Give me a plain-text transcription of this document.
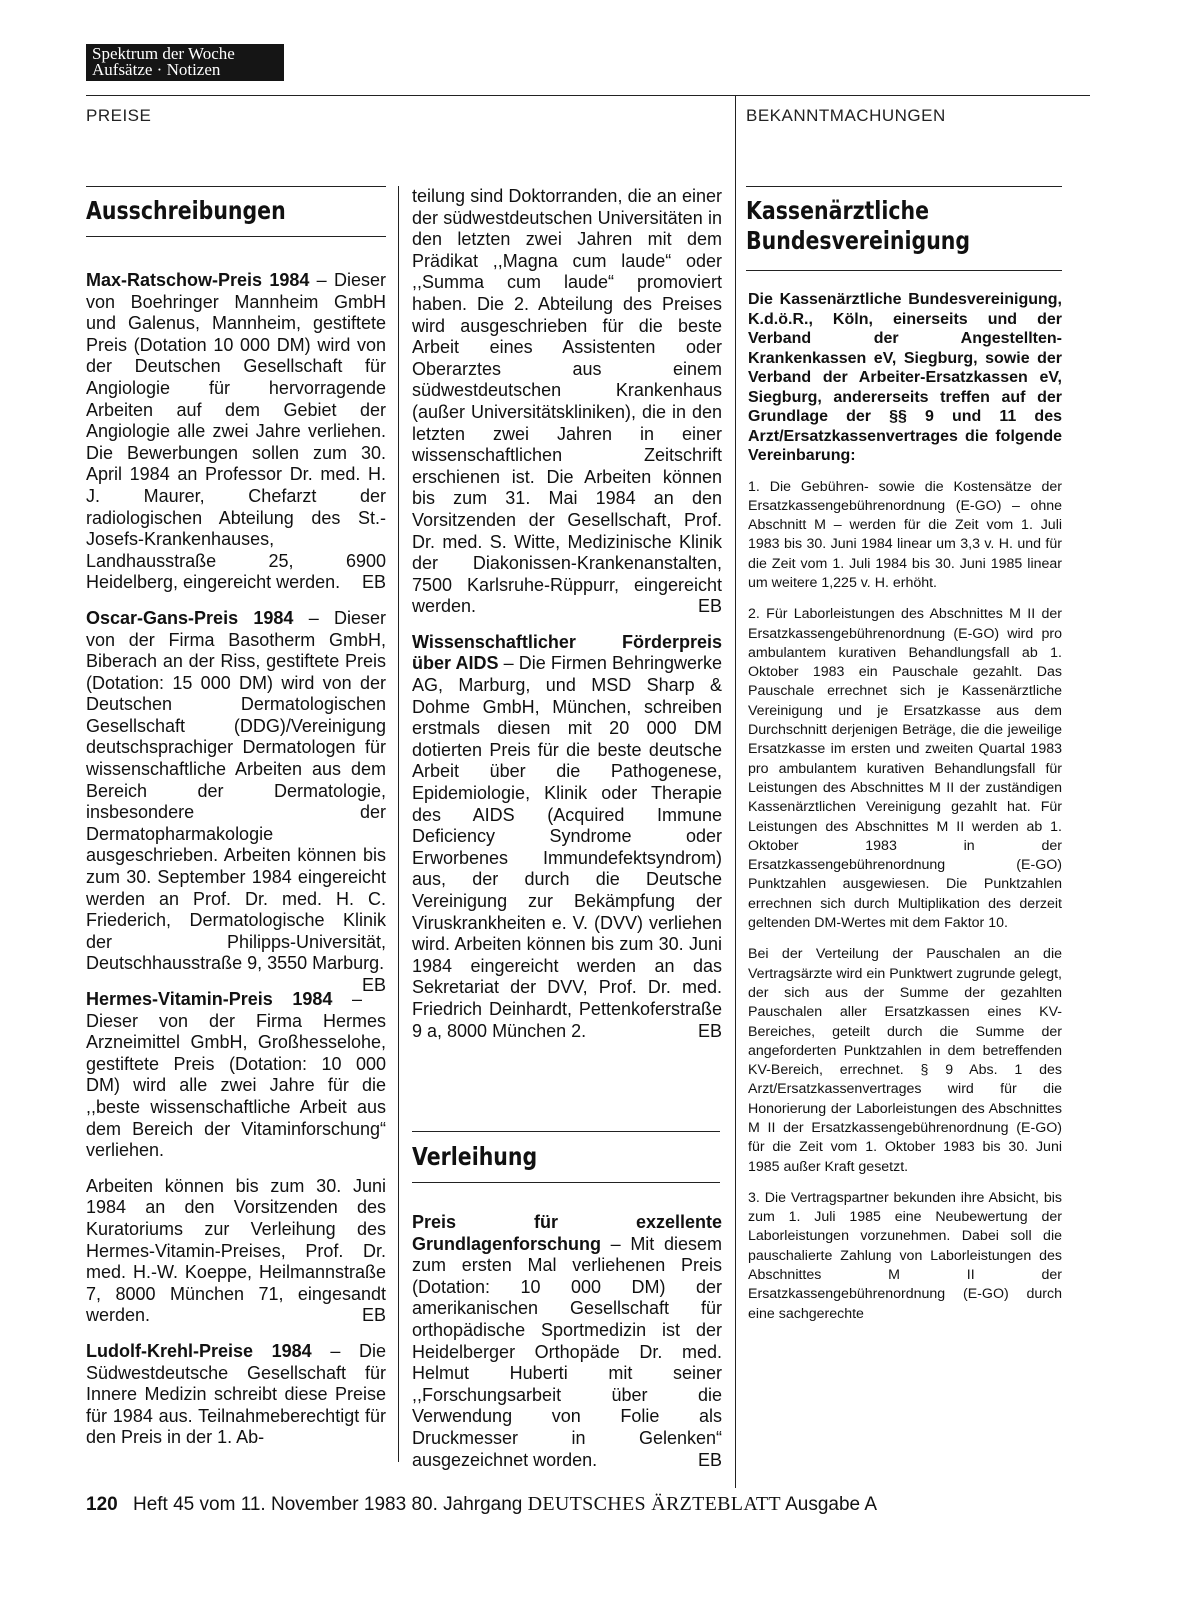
Spektrum der Woche
Aufsätze · Notizen
PREISE	BEKANNTMACHUNGEN
Ausschreibungen

Max-Ratschow-Preis 1984 – Dieser von Boehringer Mannheim GmbH und Galenus, Mannheim, gestiftete Preis (Dotation 10 000 DM) wird von der Deutschen Gesellschaft für Angiologie für hervorragende Arbeiten auf dem Gebiet der Angiologie alle zwei Jahre verliehen. Die Bewerbungen sollen zum 30. April 1984 an Professor Dr. med. H. J. Maurer, Chefarzt der radiologischen Abteilung des St.-Josefs-Krankenhauses, Landhausstraße 25, 6900 Heidelberg, eingereicht werden. EB

Oscar-Gans-Preis 1984 – Dieser von der Firma Basotherm GmbH, Biberach an der Riss, gestiftete Preis (Dotation: 15 000 DM) wird von der Deutschen Dermatologischen Gesellschaft (DDG)/Vereinigung deutschsprachiger Dermatologen für wissenschaftliche Arbeiten aus dem Bereich der Dermatologie, insbesondere der Dermatopharmakologie ausgeschrieben. Arbeiten können bis zum 30. September 1984 eingereicht werden an Prof. Dr. med. H. C. Friederich, Dermatologische Klinik der Philipps-Universität, Deutschhausstraße 9, 3550 Marburg.
EB

Hermes-Vitamin-Preis 1984 – Dieser von der Firma Hermes Arzneimittel GmbH, Großhesselohe, gestiftete Preis (Dotation: 10 000 DM) wird alle zwei Jahre für die ,,beste wissenschaftliche Arbeit aus dem Bereich der Vitaminforschung“ verliehen.

Arbeiten können bis zum 30. Juni 1984 an den Vorsitzenden des Kuratoriums zur Verleihung des Hermes-Vitamin-Preises, Prof. Dr. med. H.-W. Koeppe, Heilmannstraße 7, 8000 München 71, eingesandt werden.	EB

Ludolf-Krehl-Preise 1984 – Die Südwestdeutsche Gesellschaft für Innere Medizin schreibt diese Preise für 1984 aus. Teilnahmeberechtigt für den Preis in der 1. Ab-

teilung sind Doktorranden, die an einer der südwestdeutschen Universitäten in den letzten zwei Jahren mit dem Prädikat ,,Magna cum laude“ oder ,,Summa cum laude“ promoviert haben. Die 2. Abteilung des Preises wird ausgeschrieben für die beste Arbeit eines Assistenten oder Oberarztes aus einem südwestdeutschen Krankenhaus (außer Universitätskliniken), die in den letzten zwei Jahren in einer wissenschaftlichen Zeitschrift erschienen ist. Die Arbeiten können bis zum 31. Mai 1984 an den Vorsitzenden der Gesellschaft, Prof. Dr. med. S. Witte, Medizinische Klinik der Diakonissen-Krankenanstalten, 7500 Karlsruhe-Rüppurr, eingereicht werden.	EB

Wissenschaftlicher Förderpreis über AIDS – Die Firmen Behringwerke AG, Marburg, und MSD Sharp & Dohme GmbH, München, schreiben erstmals diesen mit 20 000 DM dotierten Preis für die beste deutsche Arbeit über die Pathogenese, Epidemiologie, Klinik oder Therapie des AIDS (Acquired Immune Deficiency Syndrome oder Erworbenes Immundefektsyndrom) aus, der durch die Deutsche Vereinigung zur Bekämpfung der Viruskrankheiten e. V. (DVV) verliehen wird. Arbeiten können bis zum 30. Juni 1984 eingereicht werden an das Sekretariat der DVV, Prof. Dr. med. Friedrich Deinhardt, Pettenkoferstraße 9 a, 8000 München 2.	EB

Verleihung

Preis für exzellente Grundlagenforschung – Mit diesem zum ersten Mal verliehenen Preis (Dotation: 10 000 DM) der amerikanischen Gesellschaft für orthopädische Sportmedizin ist der Heidelberger Orthopäde Dr. med. Helmut Huberti mit seiner ,,Forschungsarbeit über die Verwendung von Folie als Druckmesser in Gelenken“ ausgezeichnet worden.	EB

Kassenärztliche
Bundesvereinigung

Die Kassenärztliche Bundesvereinigung, K.d.ö.R., Köln, einerseits und der Verband der Angestellten-Krankenkassen eV, Siegburg, sowie der Verband der Arbeiter-Ersatzkassen eV, Siegburg, andererseits treffen auf der Grundlage der §§ 9 und 11 des Arzt/Ersatzkassenvertrages die folgende Vereinbarung:

1. Die Gebühren- sowie die Kostensätze der Ersatzkassengebührenordnung (E-GO) – ohne Abschnitt M – werden für die Zeit vom 1. Juli 1983 bis 30. Juni 1984 linear um 3,3 v. H. und für die Zeit vom 1. Juli 1984 bis 30. Juni 1985 linear um weitere 1,225 v. H. erhöht.

2. Für Laborleistungen des Abschnittes M II der Ersatzkassengebührenordnung (E-GO) wird pro ambulantem kurativen Behandlungsfall ab 1. Oktober 1983 ein Pauschale gezahlt. Das Pauschale errechnet sich je Kassenärztliche Vereinigung und je Ersatzkasse aus dem Durchschnitt derjenigen Beträge, die die jeweilige Ersatzkasse im ersten und zweiten Quartal 1983 pro ambulantem kurativen Behandlungsfall für Leistungen des Abschnittes M II der zuständigen Kassenärztlichen Vereinigung gezahlt hat. Für Leistungen des Abschnittes M II werden ab 1. Oktober 1983 in der Ersatzkassengebührenordnung (E-GO) Punktzahlen ausgewiesen. Die Punktzahlen errechnen sich durch Multiplikation des derzeit geltenden DM-Wertes mit dem Faktor 10.

Bei der Verteilung der Pauschalen an die Vertragsärzte wird ein Punktwert zugrunde gelegt, der sich aus der Summe der gezahlten Pauschalen aller Ersatzkassen eines KV-Bereiches, geteilt durch die Summe der angeforderten Punktzahlen in dem betreffenden KV-Bereich, errechnet. § 9 Abs. 1 des Arzt/Ersatzkassenvertrages wird für die Honorierung der Laborleistungen des Abschnittes M II der Ersatzkassengebührenordnung (E-GO) für die Zeit vom 1. Oktober 1983 bis 30. Juni 1985 außer Kraft gesetzt.

3. Die Vertragspartner bekunden ihre Absicht, bis zum 1. Juli 1985 eine Neubewertung der Laborleistungen vorzunehmen. Dabei soll die pauschalierte Zahlung von Laborleistungen des Abschnittes M II der Ersatzkassengebührenordnung (E-GO) durch eine sachgerechte

120 Heft 45 vom 11. November 1983 80. Jahrgang DEUTSCHES ÄRZTEBLATT Ausgabe A
